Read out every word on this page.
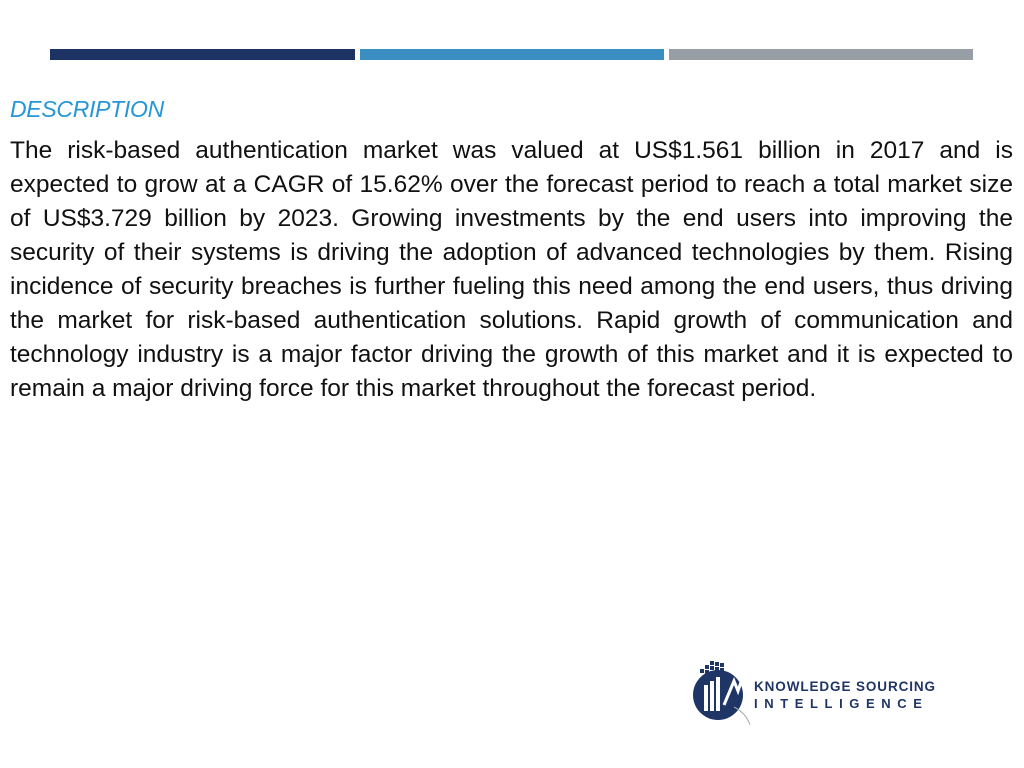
DESCRIPTION

The risk-based authentication market was valued at US$1.561 billion in 2017 and is expected to grow at a CAGR of 15.62% over the forecast period to reach a total market size of US$3.729 billion by 2023. Growing investments by the end users into improving the security of their systems is driving the adoption of advanced technologies by them. Rising incidence of security breaches is further fueling this need among the end users, thus driving the market for risk-based authentication solutions. Rapid growth of communication and technology industry is a major factor driving the growth of this market and it is expected to remain a major driving force for this market throughout the forecast period.

KNOWLEDGE SOURCING
INTELLIGENCE
